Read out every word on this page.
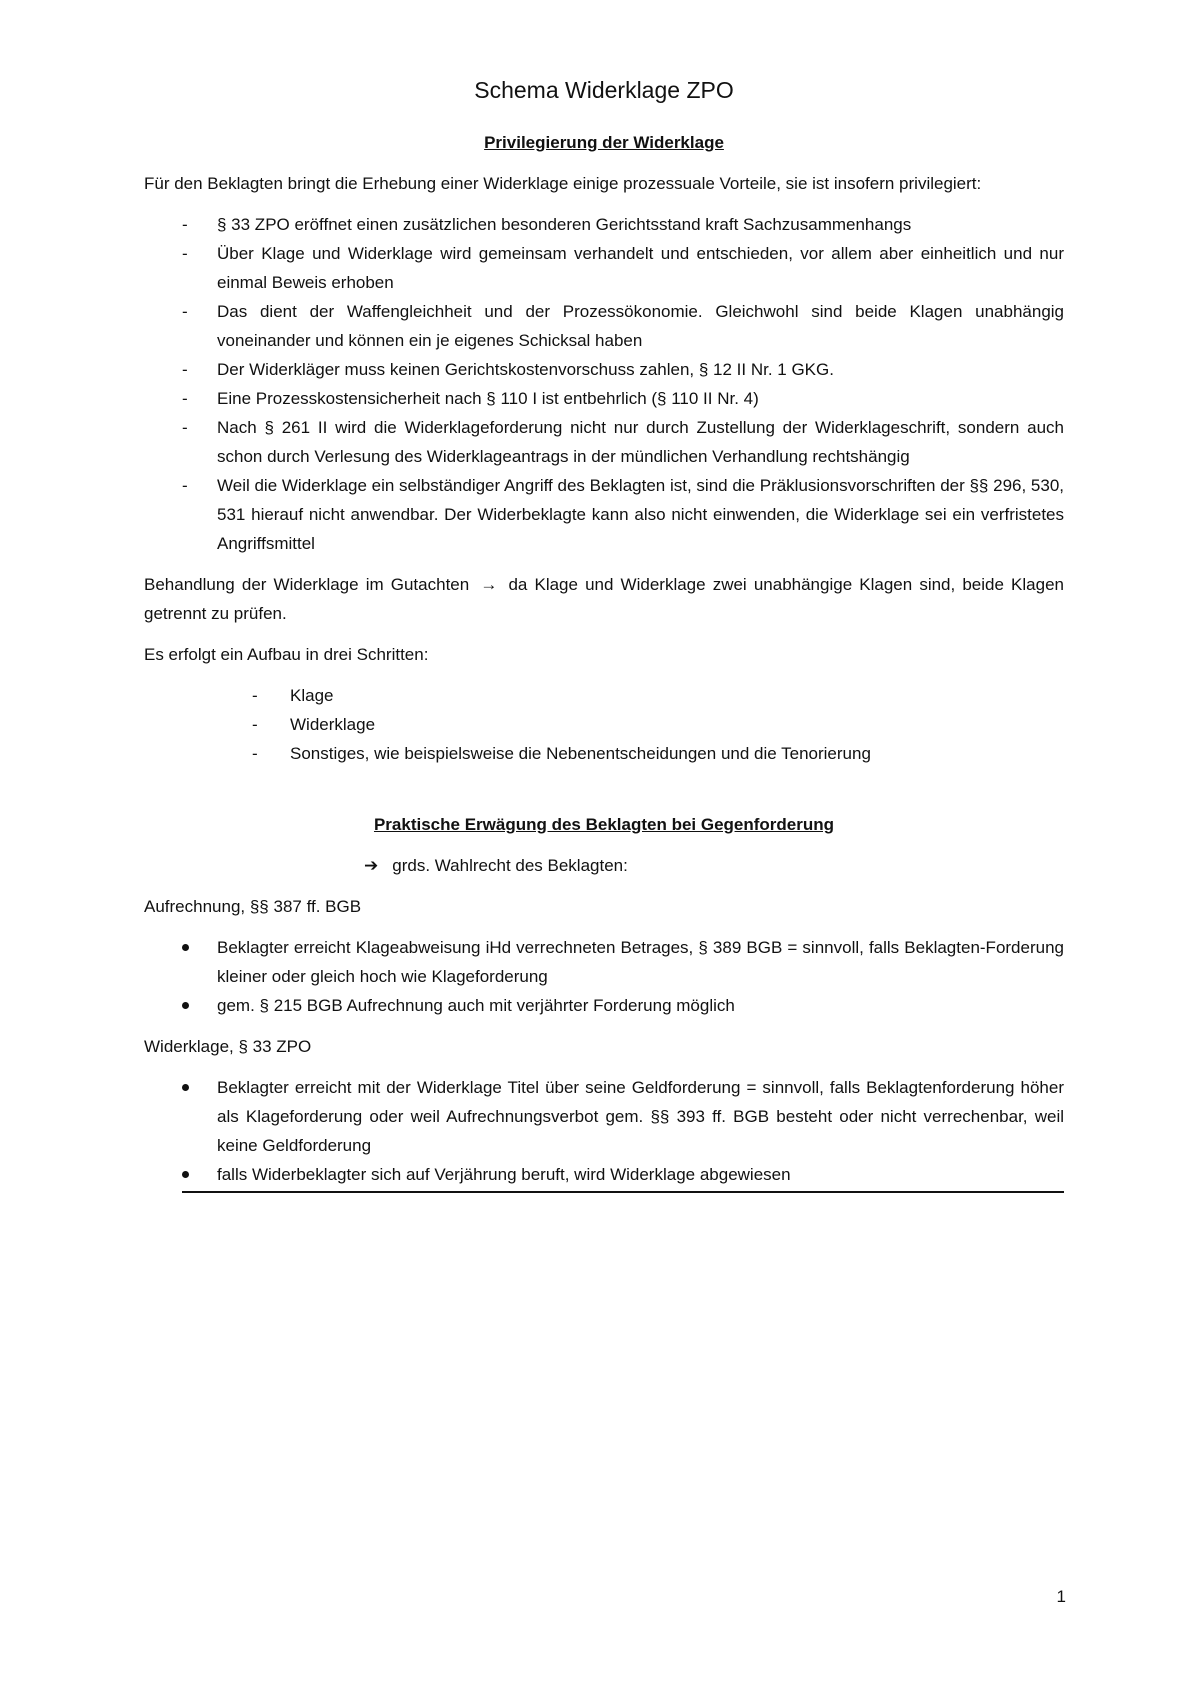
Schema Widerklage ZPO
Privilegierung der Widerklage

Für den Beklagten bringt die Erhebung einer Widerklage einige prozessuale Vorteile, sie ist insofern privilegiert:

- § 33 ZPO eröffnet einen zusätzlichen besonderen Gerichtsstand kraft Sachzusammenhangs
- Über Klage und Widerklage wird gemeinsam verhandelt und entschieden, vor allem aber einheitlich und nur einmal Beweis erhoben
- Das dient der Waffengleichheit und der Prozessökonomie. Gleichwohl sind beide Klagen unabhängig voneinander und können ein je eigenes Schicksal haben
- Der Widerkläger muss keinen Gerichtskostenvorschuss zahlen, § 12 II Nr. 1 GKG.
- Eine Prozesskostensicherheit nach § 110 I ist entbehrlich (§ 110 II Nr. 4)
- Nach § 261 II wird die Widerklageforderung nicht nur durch Zustellung der Widerklageschrift, sondern auch schon durch Verlesung des Widerklageantrags in der mündlichen Verhandlung rechtshängig
- Weil die Widerklage ein selbständiger Angriff des Beklagten ist, sind die Präklusionsvorschriften der §§ 296, 530, 531 hierauf nicht anwendbar. Der Widerbeklagte kann also nicht einwenden, die Widerklage sei ein verfristetes Angriffsmittel

Behandlung der Widerklage im Gutachten → da Klage und Widerklage zwei unabhängige Klagen sind, beide Klagen getrennt zu prüfen.

Es erfolgt ein Aufbau in drei Schritten:

- Klage
- Widerklage
- Sonstiges, wie beispielsweise die Nebenentscheidungen und die Tenorierung
Praktische Erwägung des Beklagten bei Gegenforderung
➔ grds. Wahlrecht des Beklagten:

Aufrechnung, §§ 387 ff. BGB

Beklagter erreicht Klageabweisung iHd verrechneten Betrages, § 389 BGB = sinnvoll, falls Beklagten-Forderung kleiner oder gleich hoch wie Klageforderung
gem. § 215 BGB Aufrechnung auch mit verjährter Forderung möglich

Widerklage, § 33 ZPO

Beklagter erreicht mit der Widerklage Titel über seine Geldforderung = sinnvoll, falls Beklagtenforderung höher als Klageforderung oder weil Aufrechnungsverbot gem. §§ 393 ff. BGB besteht oder nicht verrechenbar, weil keine Geldforderung
falls Widerbeklagter sich auf Verjährung beruft, wird Widerklage abgewiesen
1
